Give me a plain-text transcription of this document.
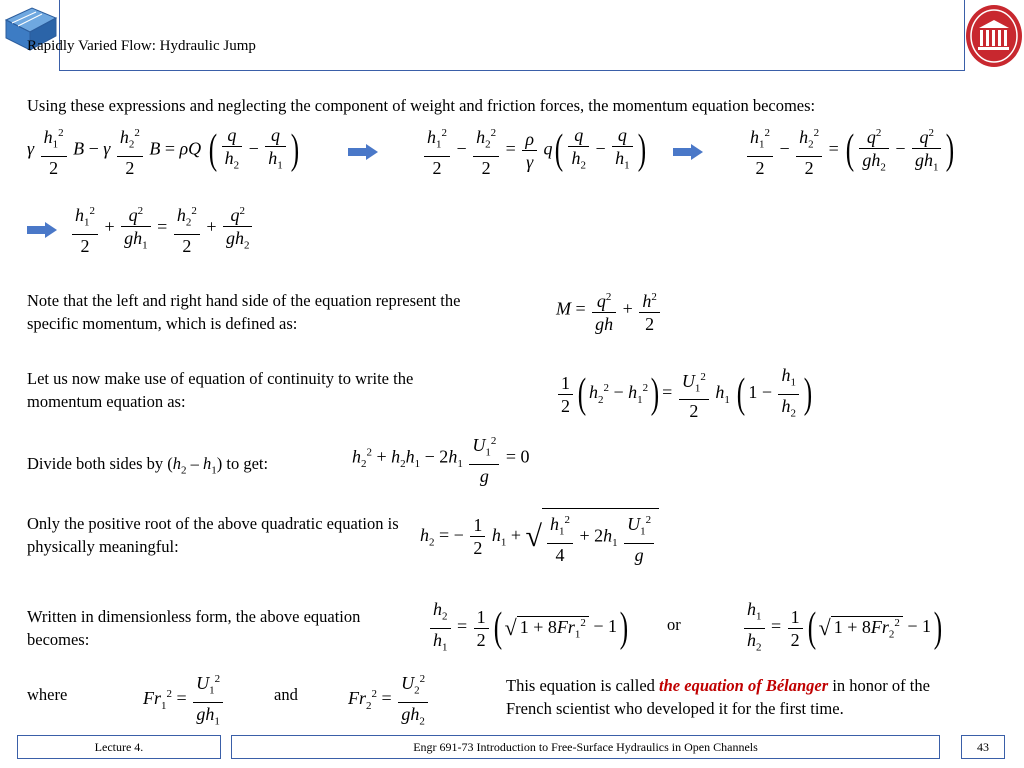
Rapidly Varied Flow: Hydraulic Jump
Using these expressions and neglecting the component of weight and friction forces, the momentum equation becomes:
γ $\frac{h_1^2}{2}$ B − γ $\frac{h_2^2}{2}$ B = ρQ ( $\frac{q}{h_2} - \frac{q}{h_1}$ )	$\frac{h_1^2}{2} - \frac{h_2^2}{2} = \frac{\rho}{\gamma} q( \frac{q}{h_2} - \frac{q}{h_1}$ )	$\frac{h_1^2}{2} - \frac{h_2^2}{2}$ = ( $\frac{q^2}{gh_2} - \frac{q^2}{gh_1}$ )
$\frac{h_1^2}{2} + \frac{q^2}{gh_1} = \frac{h_2^2}{2} + \frac{q^2}{gh_2}$
Note that the left and right hand side of the equation represent the specific momentum, which is defined as:
$M = \frac{q^2}{gh} + \frac{h^2}{2}$
Let us now make use of equation of continuity to write the momentum equation as:	$\frac{1}{2}$ ( $h_2^2 - h_1^2) = \frac{U_1^2}{2} h_1$ ( $1 - \frac{h_1}{h_2}$ )
Divide both sides by $(h_2 - h_1)$ to get:	$h_2^2 + h_2h_1 - 2h_1 \frac{U_1^2}{g} = 0$
Only the positive root of the above quadratic equation is physically meaningful:
$h_2$ = − $\frac{1}{2} h_1$ + √ $\frac{h_1^2}{4} + 2h_1 \frac{U_1^2}{g}$
Written in dimensionless form, the above equation becomes:	$\frac{h_2}{h_1} = \frac{1}{2}$ ( √ $1 + 8Fr_1^2 - 1$) or	$\frac{h_1}{h_2} = \frac{1}{2}$ ( √ $1 + 8Fr_2^2 - 1$)
where	$Fr_1^2 = \frac{U_1^2}{gh_1}$	and	$Fr_2^2 = \frac{U_2^2}{gh_2}$	This equation is called the equation of Bélanger in honor of the French scientist who developed it for the first time.
Lecture 4.	Engr 691-73 Introduction to Free-Surface Hydraulics in Open Channels	43
